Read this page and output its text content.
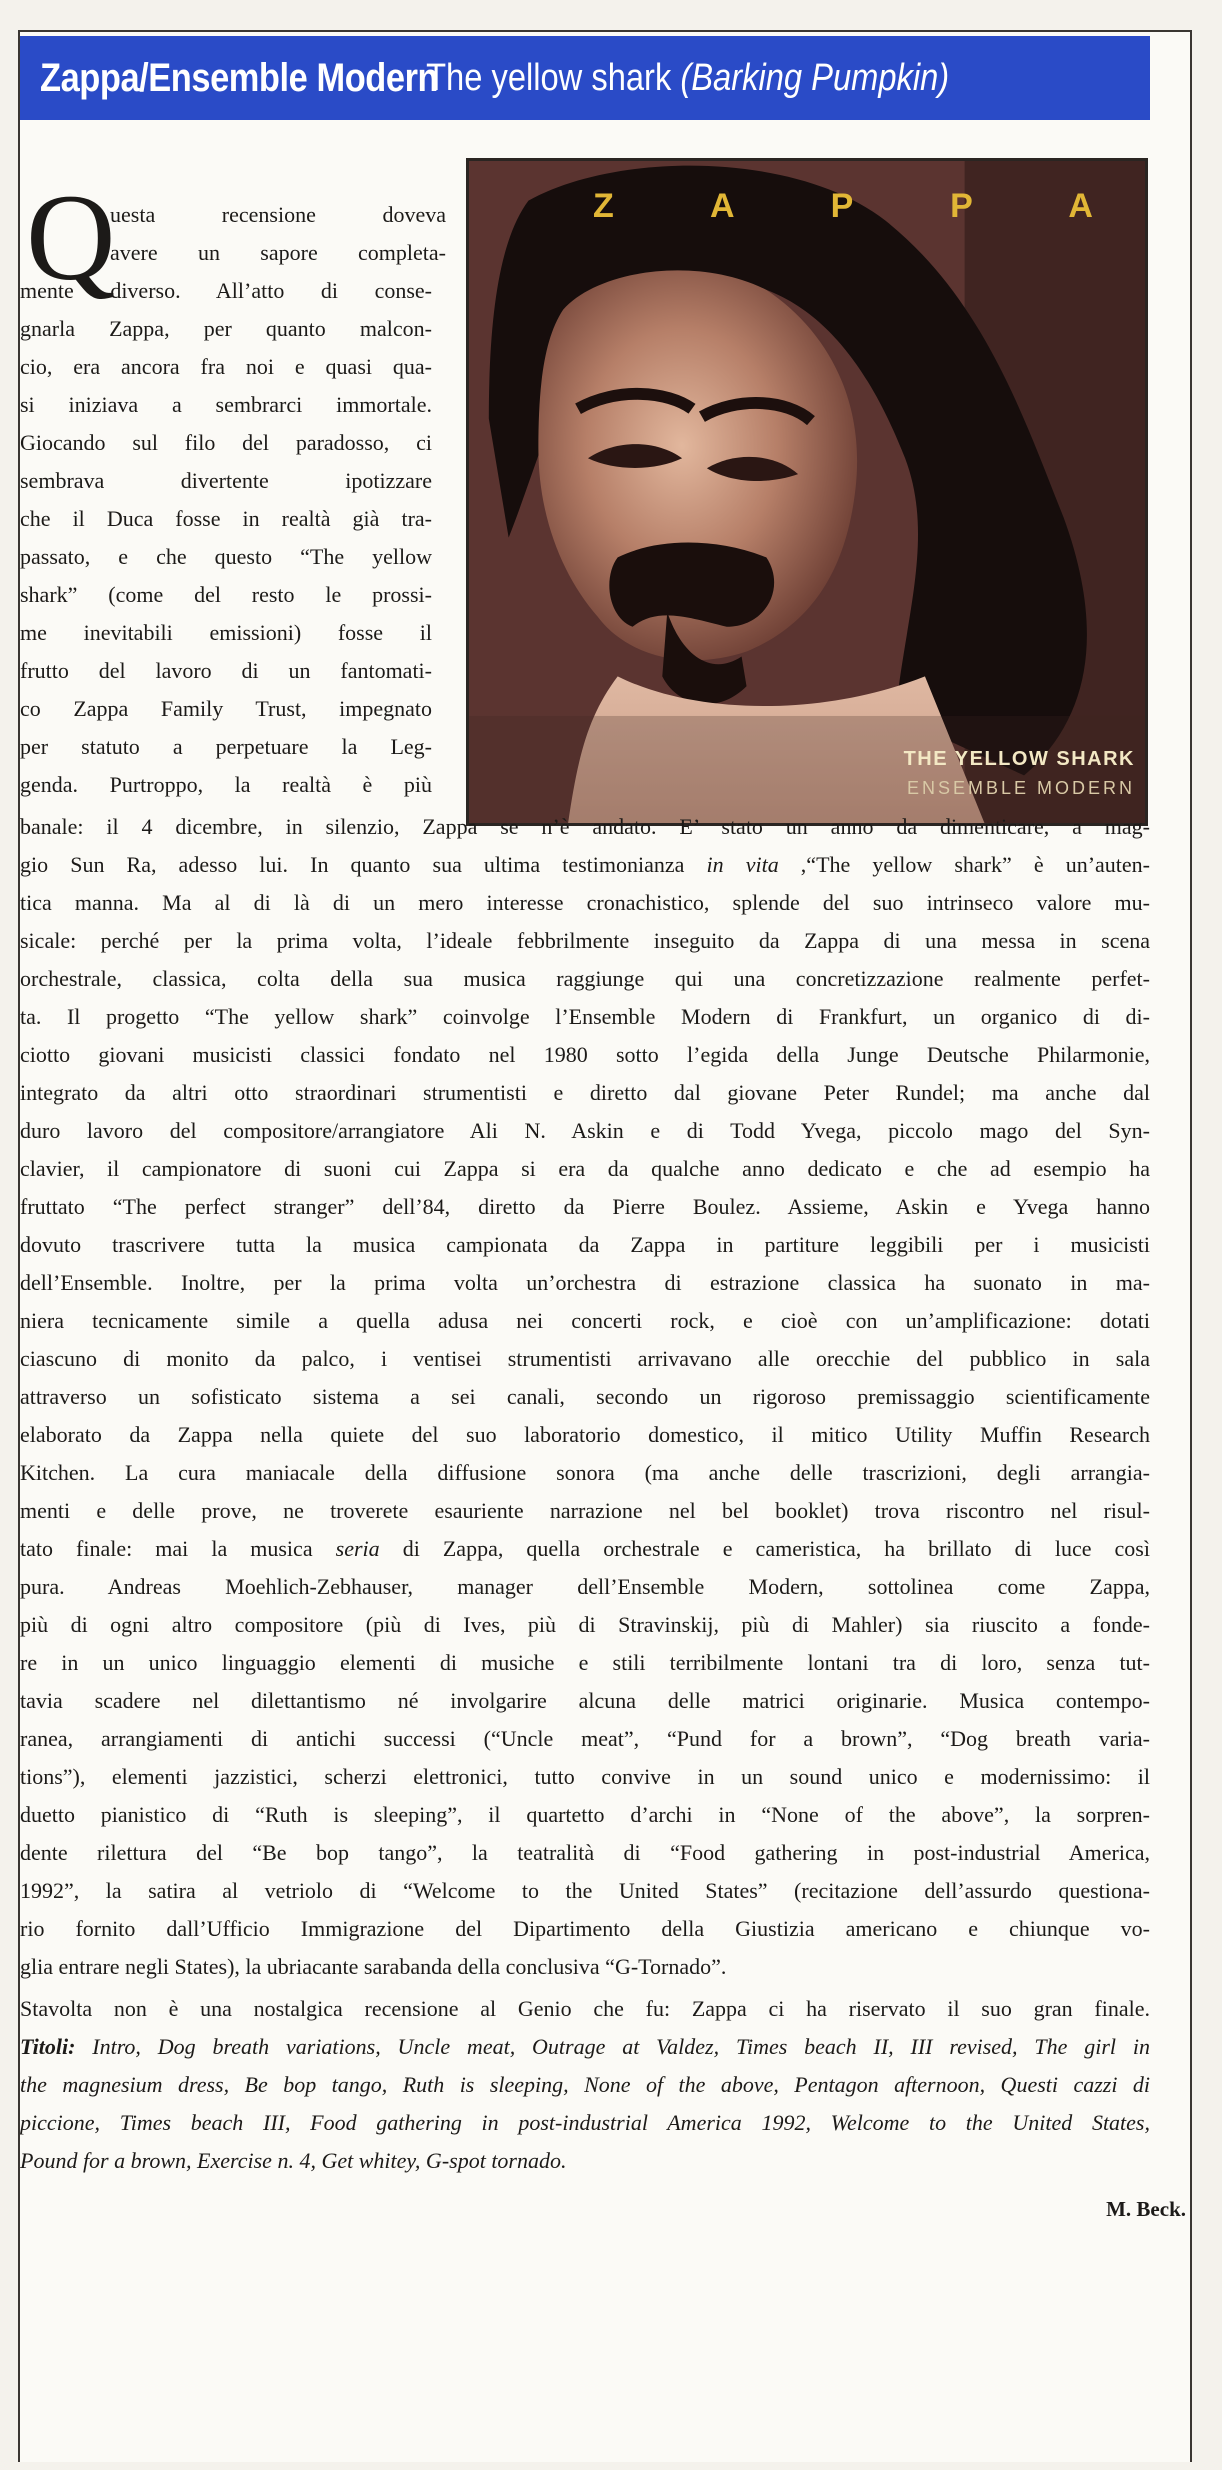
Zappa/Ensemble Modern
The yellow shark (Barking Pumpkin)
Z A P P A
THE YELLOW SHARK
ENSEMBLE MODERN
Q
uesta recensione doveva
avere un sapore completa-
mente diverso. All’atto di conse-
gnarla Zappa, per quanto malcon-
cio, era ancora fra noi e quasi qua-
si iniziava a sembrarci immortale.
Giocando sul filo del paradosso, ci
sembrava divertente ipotizzare
che il Duca fosse in realtà già tra-
passato, e che questo “The yellow
shark” (come del resto le prossi-
me inevitabili emissioni) fosse il
frutto del lavoro di un fantomati-
co Zappa Family Trust, impegnato
per statuto a perpetuare la Leg-
genda. Purtroppo, la realtà è più
banale: il 4 dicembre, in silenzio, Zappa se n’è andato. E’ stato un anno da dimenticare, a mag-
gio Sun Ra, adesso lui. In quanto sua ultima testimonianza in vita ,“The yellow shark” è un’auten-
tica manna. Ma al di là di un mero interesse cronachistico, splende del suo intrinseco valore mu-
sicale: perché per la prima volta, l’ideale febbrilmente inseguito da Zappa di una messa in scena
orchestrale, classica, colta della sua musica raggiunge qui una concretizzazione realmente perfet-
ta. Il progetto “The yellow shark” coinvolge l’Ensemble Modern di Frankfurt, un organico di di-
ciotto giovani musicisti classici fondato nel 1980 sotto l’egida della Junge Deutsche Philarmonie,
integrato da altri otto straordinari strumentisti e diretto dal giovane Peter Rundel; ma anche dal
duro lavoro del compositore/arrangiatore Ali N. Askin e di Todd Yvega, piccolo mago del Syn-
clavier, il campionatore di suoni cui Zappa si era da qualche anno dedicato e che ad esempio ha
fruttato “The perfect stranger” dell’84, diretto da Pierre Boulez. Assieme, Askin e Yvega hanno
dovuto trascrivere tutta la musica campionata da Zappa in partiture leggibili per i musicisti
dell’Ensemble. Inoltre, per la prima volta un’orchestra di estrazione classica ha suonato in ma-
niera tecnicamente simile a quella adusa nei concerti rock, e cioè con un’amplificazione: dotati
ciascuno di monito da palco, i ventisei strumentisti arrivavano alle orecchie del pubblico in sala
attraverso un sofisticato sistema a sei canali, secondo un rigoroso premissaggio scientificamente
elaborato da Zappa nella quiete del suo laboratorio domestico, il mitico Utility Muffin Research
Kitchen. La cura maniacale della diffusione sonora (ma anche delle trascrizioni, degli arrangia-
menti e delle prove, ne troverete esauriente narrazione nel bel booklet) trova riscontro nel risul-
tato finale: mai la musica seria di Zappa, quella orchestrale e cameristica, ha brillato di luce così
pura. Andreas Moehlich-Zebhauser, manager dell’Ensemble Modern, sottolinea come Zappa,
più di ogni altro compositore (più di Ives, più di Stravinskij, più di Mahler) sia riuscito a fonde-
re in un unico linguaggio elementi di musiche e stili terribilmente lontani tra di loro, senza tut-
tavia scadere nel dilettantismo né involgarire alcuna delle matrici originarie. Musica contempo-
ranea, arrangiamenti di antichi successi (“Uncle meat”, “Pund for a brown”, “Dog breath varia-
tions”), elementi jazzistici, scherzi elettronici, tutto convive in un sound unico e modernissimo: il
duetto pianistico di “Ruth is sleeping”, il quartetto d’archi in “None of the above”, la sorpren-
dente rilettura del “Be bop tango”, la teatralità di “Food gathering in post-industrial America,
1992”, la satira al vetriolo di “Welcome to the United States” (recitazione dell’assurdo questiona-
rio fornito dall’Ufficio Immigrazione del Dipartimento della Giustizia americano e chiunque vo-
glia entrare negli States), la ubriacante sarabanda della conclusiva “G-Tornado”.
Stavolta non è una nostalgica recensione al Genio che fu: Zappa ci ha riservato il suo gran finale.
Titoli: Intro, Dog breath variations, Uncle meat, Outrage at Valdez, Times beach II, III revised, The girl in
the magnesium dress, Be bop tango, Ruth is sleeping, None of the above, Pentagon afternoon, Questi cazzi di
piccione, Times beach III, Food gathering in post-industrial America 1992, Welcome to the United States,
Pound for a brown, Exercise n. 4, Get whitey, G-spot tornado.
M. Beck.
